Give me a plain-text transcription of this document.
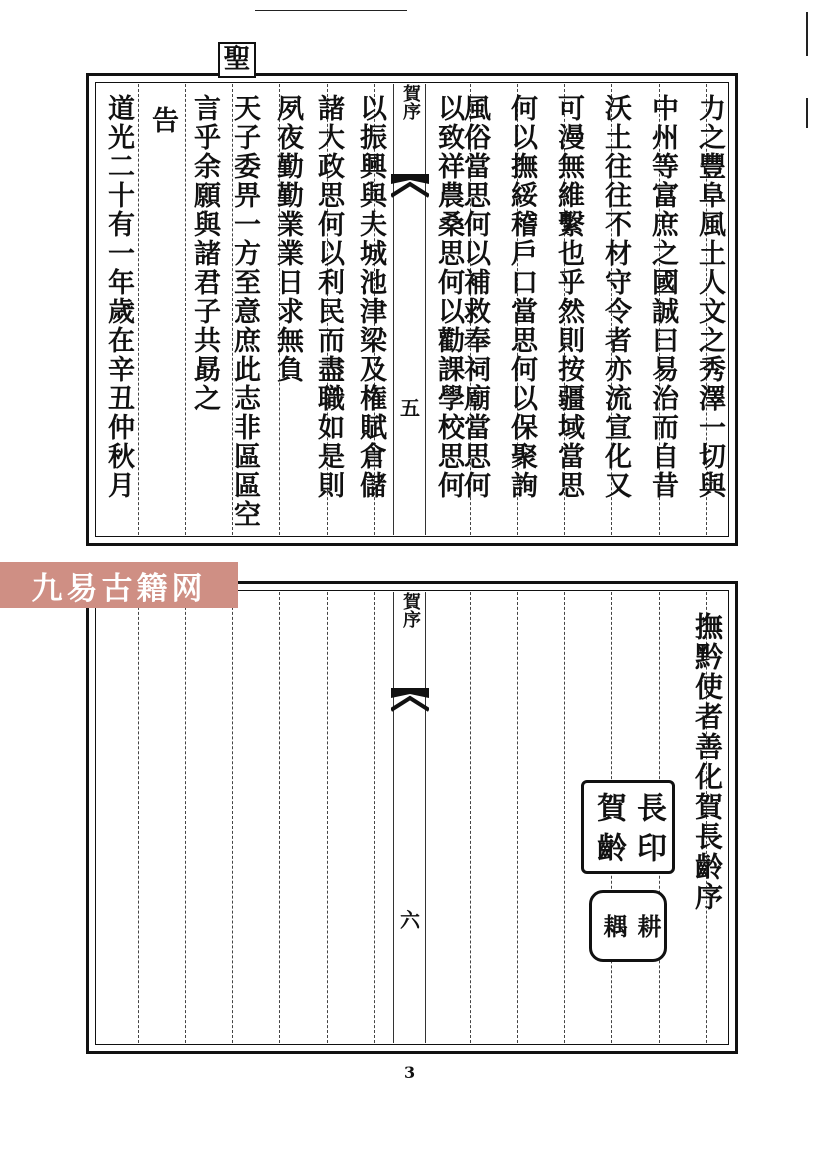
力之豐阜風土人文之秀澤一切與
中州等富庶之國誠曰易治而自昔
沃土往往不材守令者亦流宣化又
可漫無維繫也乎然則按疆域當思
何以撫綏稽戶口當思何以保聚詢
風俗當思何以補救奉祠廟當思何
以致祥農桑思何以勸課學校思何
賀序
五
以振興與夫城池津梁及権賦倉儲
諸大政思何以利民而盡職如是則
夙夜勤勤業業日求無負
天子委畀一方至意庶此志非區區空
言乎余願與諸君子共勗之
告
道光二十有一年歲在辛丑仲秋月
聖
賀序
六
撫黔使者善化賀長齡序
賀 長
齡 印
耦 耕
九易古籍网
3
